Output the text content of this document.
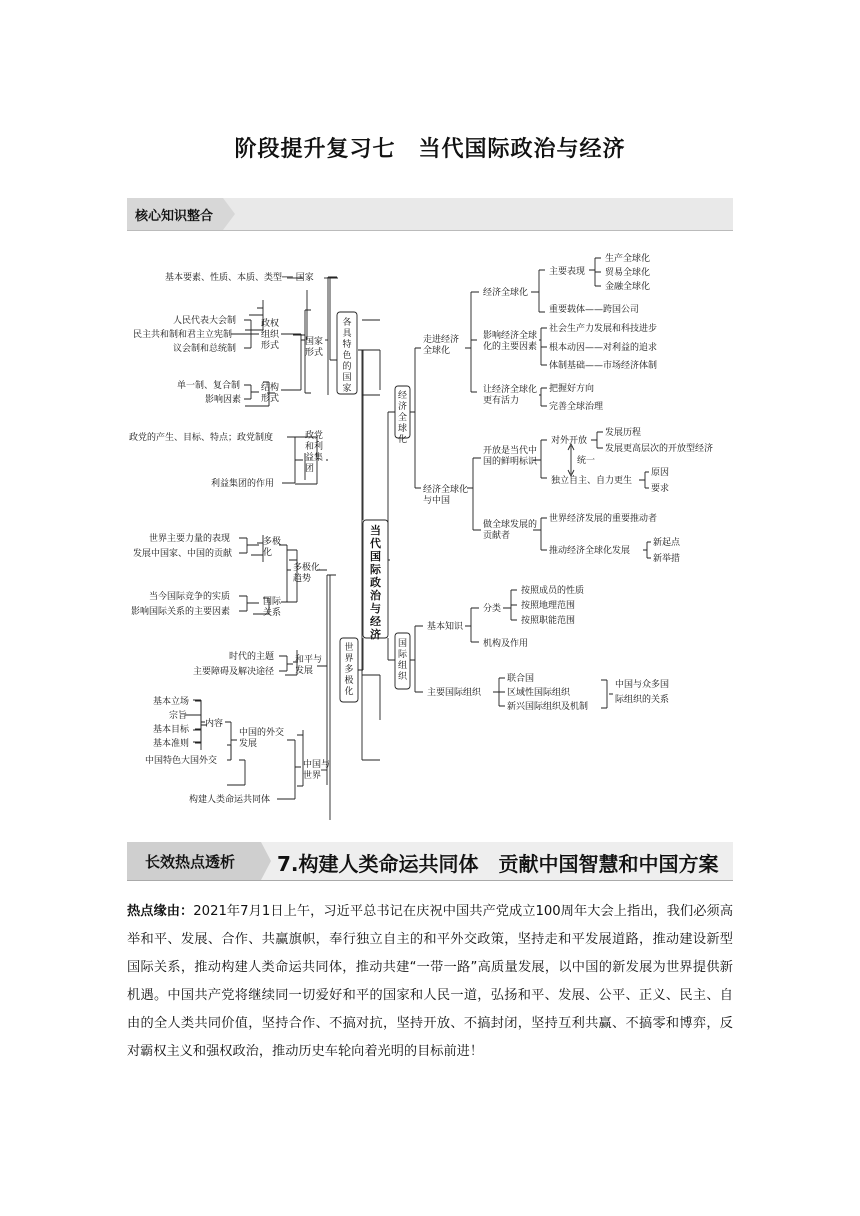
阶段提升复习七　当代国际政治与经济
核心知识整合
当
代
国
际
政
治
与
经
济
各
具
特
色
的
国
家
世
界
多
极
化
经
济
全
球
化
国
际
组
织
基本要素、性质、本质、类型── 国家
国家
形式
政权
组织
形式
人民代表大会制
民主共和制和君主立宪制
议会制和总统制
结构
形式
单一制、复合制
影响因素
政党
和利
益集
团
政党的产生、目标、特点；政党制度
利益集团的作用
多极化
趋势
多极
化
世界主要力量的表现
发展中国家、中国的贡献
国际
关系
当今国际竞争的实质
影响国际关系的主要因素
和平与
发展
时代的主题
主要障碍及解决途径
中国与
世界
中国的外交
发展
基本立场
宗旨
基本目标
基本准则
内容
中国特色大国外交
构建人类命运共同体
走进经济
全球化
经济全球化
主要表现
生产全球化
贸易全球化
金融全球化
重要载体——跨国公司
影响经济全球
化的主要因素
社会生产力发展和科技进步
根本动因——对利益的追求
体制基础——市场经济体制
让经济全球化
更有活力
把握好方向
完善全球治理
经济全球化
与中国
开放是当代中
国的鲜明标识
对外开放
发展历程
发展更高层次的开放型经济
统一
独立自主、自力更生
原因
要求
做全球发展的
贡献者
世界经济发展的重要推动者
推动经济全球化发展
新起点
新举措
基本知识
分类
按照成员的性质
按照地理范围
按照职能范围
机构及作用
主要国际组织
联合国
区域性国际组织
新兴国际组织及机制
中国与众多国
际组织的关系
长效热点透析 7.构建人类命运共同体　贡献中国智慧和中国方案
热点缘由：2021年7月1日上午，习近平总书记在庆祝中国共产党成立100周年大会上指出，我们必须高举和平、发展、合作、共赢旗帜，奉行独立自主的和平外交政策，坚持走和平发展道路，推动建设新型国际关系，推动构建人类命运共同体，推动共建“一带一路”高质量发展，以中国的新发展为世界提供新机遇。中国共产党将继续同一切爱好和平的国家和人民一道，弘扬和平、发展、公平、正义、民主、自由的全人类共同价值，坚持合作、不搞对抗，坚持开放、不搞封闭，坚持互利共赢、不搞零和博弈，反对霸权主义和强权政治，推动历史车轮向着光明的目标前进！
